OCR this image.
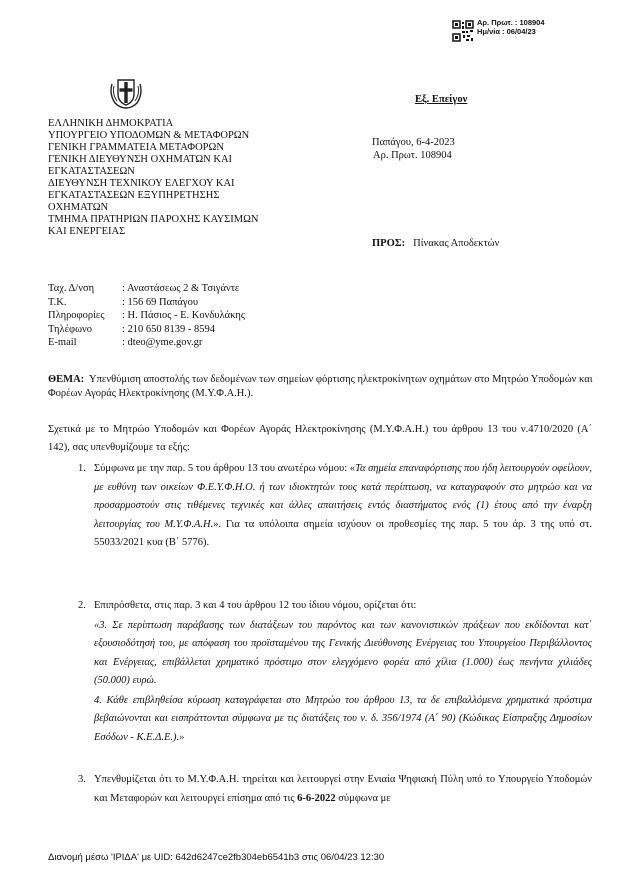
Αρ. Πρωτ. : 108904
Ημ/νία : 06/04/23
Εξ. Επείγον
ΕΛΛΗΝΙΚΗ ΔΗΜΟΚΡΑΤΙΑ
ΥΠΟΥΡΓΕΙΟ ΥΠΟΔΟΜΩΝ & ΜΕΤΑΦΟΡΩΝ
ΓΕΝΙΚΗ ΓΡΑΜΜΑΤΕΙΑ ΜΕΤΑΦΟΡΩΝ
ΓΕΝΙΚΗ ΔΙΕΥΘΥΝΣΗ ΟΧΗΜΑΤΩΝ ΚΑΙ
ΕΓΚΑΤΑΣΤΑΣΕΩΝ
ΔΙΕΥΘΥΝΣΗ ΤΕΧΝΙΚΟΥ ΕΛΕΓΧΟΥ ΚΑΙ
ΕΓΚΑΤΑΣΤΑΣΕΩΝ ΕΞΥΠΗΡΕΤΗΣΗΣ
ΟΧΗΜΑΤΩΝ
ΤΜΗΜΑ ΠΡΑΤΗΡΙΩΝ ΠΑΡΟΧΗΣ ΚΑΥΣΙΜΩΝ
ΚΑΙ ΕΝΕΡΓΕΙΑΣ
Παπάγου, 6-4-2023
Αρ. Πρωτ. 108904
ΠΡΟΣ: Πίνακας Αποδεκτών
Ταχ. Δ/νση	: Αναστάσεως 2 & Τσιγάντε
Τ.Κ.	: 156 69 Παπάγου
Πληροφορίες	: Η. Πάσιος - Ε. Κονδυλάκης
Τηλέφωνο	: 210 650 8139 - 8594
E-mail	: dteo@yme.gov.gr
ΘΕΜΑ: Υπενθύμιση αποστολής των δεδομένων των σημείων φόρτισης ηλεκτροκίνητων οχημάτων στο Μητρώο Υποδομών και Φορέων Αγοράς Ηλεκτροκίνησης (Μ.Υ.Φ.Α.Η.).
Σχετικά με το Μητρώο Υποδομών και Φορέων Αγοράς Ηλεκτροκίνησης (Μ.Υ.Φ.Α.Η.) του άρθρου 13 του ν.4710/2020 (Α΄ 142), σας υπενθυμίζουμε τα εξής:
1. Σύμφωνα με την παρ. 5 του άρθρου 13 του ανωτέρω νόμου: «Τα σημεία επαναφόρτισης που ήδη λειτουργούν οφείλουν, με ευθύνη των οικείων Φ.Ε.Υ.Φ.Η.Ο. ή των ιδιοκτητών τους κατά περίπτωση, να καταγραφούν στο μητρώο και να προσαρμοστούν στις τιθέμενες τεχνικές και άλλες απαιτήσεις εντός διαστήματος ενός (1) έτους από την έναρξη λειτουργίας του Μ.Υ.Φ.Α.Η.». Για τα υπόλοιπα σημεία ισχύουν οι προθεσμίες της παρ. 5 του άρ. 3 της υπό στ. 55033/2021 κυα (Β΄ 5776).
2. Επιπρόσθετα, στις παρ. 3 και 4 του άρθρου 12 του ίδιου νόμου, ορίζεται ότι:
«3. Σε περίπτωση παράβασης των διατάξεων του παρόντος και των κανονιστικών πράξεων που εκδίδονται κατ΄ εξουσιοδότησή του, με απόφαση του προϊσταμένου της Γενικής Διεύθυνσης Ενέργειας του Υπουργείου Περιβάλλοντος και Ενέργειας, επιβάλλεται χρηματικό πρόστιμο στον ελεγχόμενο φορέα από χίλια (1.000) έως πενήντα χιλιάδες (50.000) ευρώ.
4. Κάθε επιβληθείσα κύρωση καταγράφεται στο Μητρώο του άρθρου 13, τα δε επιβαλλόμενα χρηματικά πρόστιμα βεβαιώνονται και εισπράττονται σύμφωνα με τις διατάξεις του ν. δ. 356/1974 (Α΄ 90) (Κώδικας Είσπραξης Δημοσίων Εσόδων - Κ.Ε.Δ.Ε.).»
3. Υπενθυμίζεται ότι το Μ.Υ.Φ.Α.Η. τηρείται και λειτουργεί στην Ενιαία Ψηφιακή Πύλη υπό το Υπουργείο Υποδομών και Μεταφορών και λειτουργεί επίσημα από τις 6-6-2022 σύμφωνα με
Διανομή μέσω 'ΙΡΙΔΑ' με UID: 642d6247ce2fb304eb6541b3 στις 06/04/23 12:30
